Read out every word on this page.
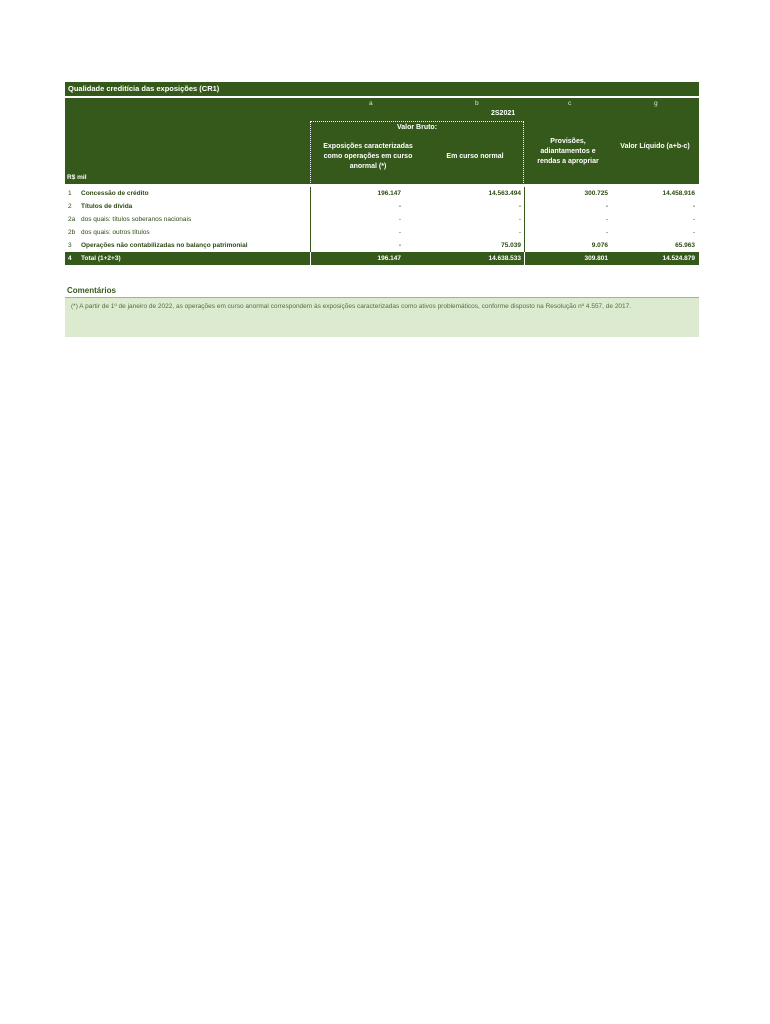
Qualidade creditícia das exposições (CR1)
a	b	c	g
2S2021
Valor Bruto:
Exposições caracterizadas como operações em curso anormal (*)
Em curso normal
Provisões, adiantamentos e rendas a apropriar
Valor Líquido (a+b-c)
R$ mil
1	Concessão de crédito	196.147	14.563.494	300.725	14.458.916
2	Títulos de dívida	-	-	-	-
2a dos quais: títulos soberanos nacionais	-	-	-	-
2b dos quais: outros títulos	-	-	-	-
3	Operações não contabilizadas no balanço patrimonial	-	75.039	9.076	65.963
4	Total (1+2+3)	196.147	14.638.533	309.801	14.524.879
Comentários
(*) A partir de 1º de janeiro de 2022, as operações em curso anormal correspondem às exposições caracterizadas como ativos problemáticos, conforme disposto na Resolução nº 4.557, de 2017.
